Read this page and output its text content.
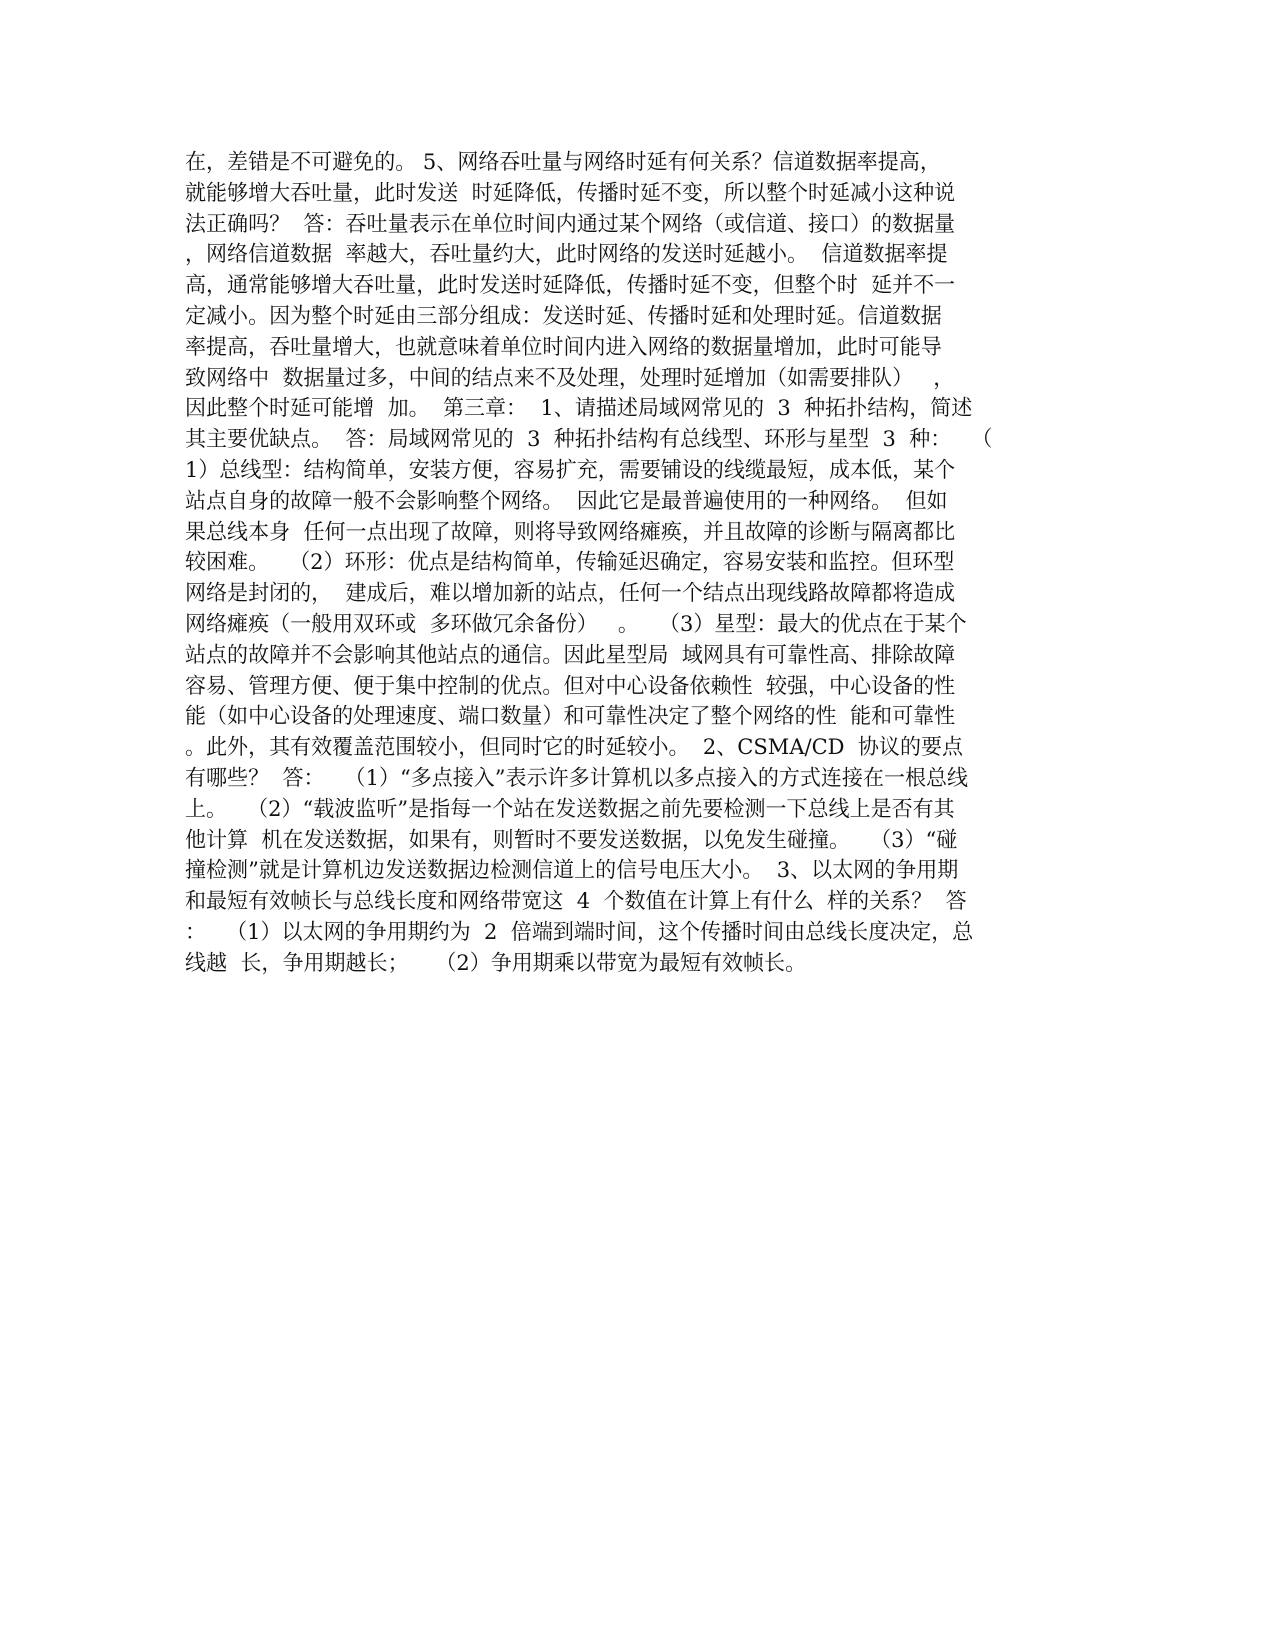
在，差错是不可避免的。 5、网络吞吐量与网络时延有何关系？信道数据率提高，
就能够增大吞吐量，此时发送  时延降低，传播时延不变，所以整个时延减小这种说
法正确吗？  答：吞吐量表示在单位时间内通过某个网络（或信道、接口）的数据量
，网络信道数据  率越大，吞吐量约大，此时网络的发送时延越小。  信道数据率提
高，通常能够增大吞吐量，此时发送时延降低，传播时延不变，但整个时  延并不一
定减小。因为整个时延由三部分组成：发送时延、传播时延和处理时延。信道数据
率提高，吞吐量增大，也就意味着单位时间内进入网络的数据量增加，此时可能导
致网络中  数据量过多，中间的结点来不及处理，处理时延增加（如需要排队）   ，
因此整个时延可能增  加。  第三章：  1、请描述局域网常见的  3  种拓扑结构，简述
其主要优缺点。  答：局域网常见的  3  种拓扑结构有总线型、环形与星型  3  种：   （
1）总线型：结构简单，安装方便，容易扩充，需要铺设的线缆最短，成本低，某个
站点自身的故障一般不会影响整个网络。  因此它是最普遍使用的一种网络。  但如
果总线本身  任何一点出现了故障，则将导致网络瘫痪，并且故障的诊断与隔离都比
较困难。   （2）环形：优点是结构简单，传输延迟确定，容易安装和监控。但环型
网络是封闭的，  建成后，难以增加新的站点，任何一个结点出现线路故障都将造成
网络瘫痪（一般用双环或  多环做冗余备份）   。   （3）星型：最大的优点在于某个
站点的故障并不会影响其他站点的通信。因此星型局  域网具有可靠性高、排除故障
容易、管理方便、便于集中控制的优点。但对中心设备依赖性  较强，中心设备的性
能（如中心设备的处理速度、端口数量）和可靠性决定了整个网络的性  能和可靠性
。此外，其有效覆盖范围较小，但同时它的时延较小。  2、CSMA/CD  协议的要点
有哪些？  答：   （1）“多点接入”表示许多计算机以多点接入的方式连接在一根总线
上。   （2）“载波监听”是指每一个站在发送数据之前先要检测一下总线上是否有其
他计算  机在发送数据，如果有，则暂时不要发送数据，以免发生碰撞。   （3）“碰
撞检测”就是计算机边发送数据边检测信道上的信号电压大小。  3、以太网的争用期
和最短有效帧长与总线长度和网络带宽这  4  个数值在计算上有什么  样的关系？  答
：   （1）以太网的争用期约为  2  倍端到端时间，这个传播时间由总线长度决定，总
线越  长，争用期越长；    （2）争用期乘以带宽为最短有效帧长。
